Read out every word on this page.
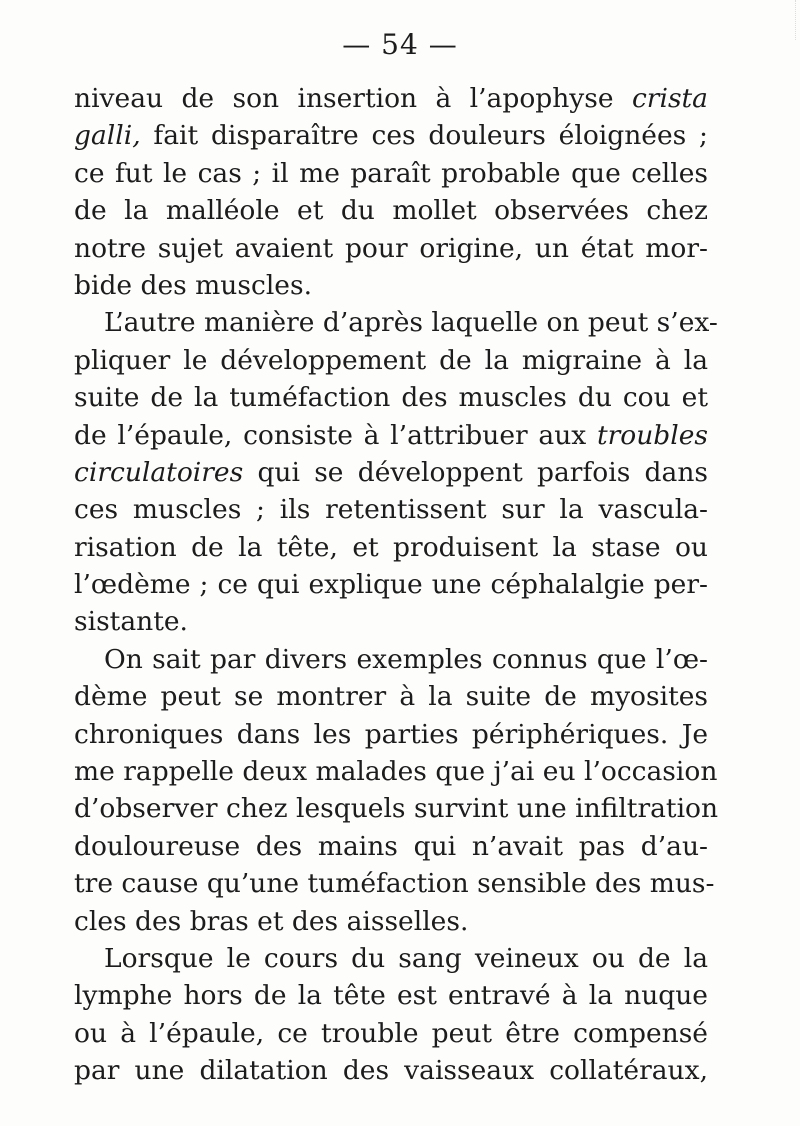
— 54 —
niveau de son insertion à l’apophyse crista
galli, fait disparaître ces douleurs éloignées ;
ce fut le cas ; il me paraît probable que celles
de la malléole et du mollet observées chez
notre sujet avaient pour origine, un état mor-
bide des muscles.
L’autre manière d’après laquelle on peut s’ex-
pliquer le développement de la migraine à la
suite de la tuméfaction des muscles du cou et
de l’épaule, consiste à l’attribuer aux troubles
circulatoires qui se développent parfois dans
ces muscles ; ils retentissent sur la vascula-
risation de la tête, et produisent la stase ou
l’œdème ; ce qui explique une céphalalgie per-
sistante.
On sait par divers exemples connus que l’œ-
dème peut se montrer à la suite de myosites
chroniques dans les parties périphériques. Je
me rappelle deux malades que j’ai eu l’occasion
d’observer chez lesquels survint une infiltration
douloureuse des mains qui n’avait pas d’au-
tre cause qu’une tuméfaction sensible des mus-
cles des bras et des aisselles.
Lorsque le cours du sang veineux ou de la
lymphe hors de la tête est entravé à la nuque
ou à l’épaule, ce trouble peut être compensé
par une dilatation des vaisseaux collatéraux,
